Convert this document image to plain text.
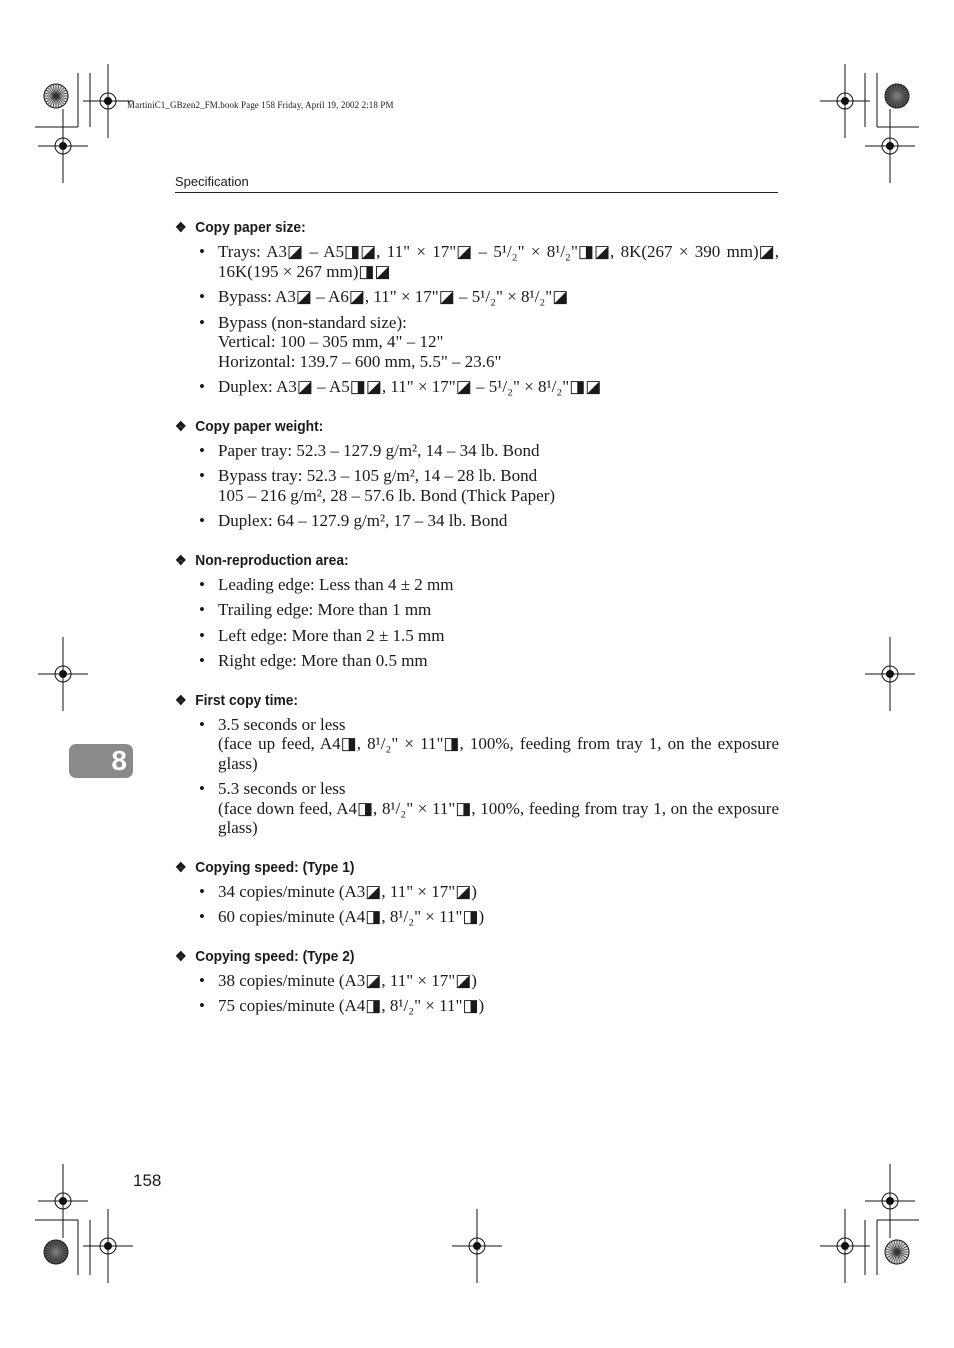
MartiniC1_GBzen2_FM.book Page 158 Friday, April 19, 2002 2:18 PM
Specification
❖ Copy paper size:
• Trays: A3◪ – A5◨◪, 11" × 17"◪ – 5¹/₂" × 8¹/₂"◨◪, 8K(267 × 390 mm)◪, 16K(195 × 267 mm)◨◪
• Bypass: A3◪ – A6◪, 11" × 17"◪ – 5¹/₂" × 8¹/₂"◪
• Bypass (non-standard size):
Vertical: 100 – 305 mm, 4" – 12"
Horizontal: 139.7 – 600 mm, 5.5" – 23.6"
• Duplex: A3◪ – A5◨◪, 11" × 17"◪ – 5¹/₂" × 8¹/₂"◨◪
❖ Copy paper weight:
• Paper tray: 52.3 – 127.9 g/m², 14 – 34 lb. Bond
• Bypass tray: 52.3 – 105 g/m², 14 – 28 lb. Bond
105 – 216 g/m², 28 – 57.6 lb. Bond (Thick Paper)
• Duplex: 64 – 127.9 g/m², 17 – 34 lb. Bond
❖ Non-reproduction area:
• Leading edge: Less than 4 ± 2 mm
• Trailing edge: More than 1 mm
• Left edge: More than 2 ± 1.5 mm
• Right edge: More than 0.5 mm
❖ First copy time:
• 3.5 seconds or less
(face up feed, A4◨, 8¹/₂" × 11"◨, 100%, feeding from tray 1, on the exposure glass)
• 5.3 seconds or less
(face down feed, A4◨, 8¹/₂" × 11"◨, 100%, feeding from tray 1, on the exposure glass)
❖ Copying speed: (Type 1)
• 34 copies/minute (A3◪, 11" × 17"◪)
• 60 copies/minute (A4◨, 8¹/₂" × 11"◨)
❖ Copying speed: (Type 2)
• 38 copies/minute (A3◪, 11" × 17"◪)
• 75 copies/minute (A4◨, 8¹/₂" × 11"◨)
8
158
